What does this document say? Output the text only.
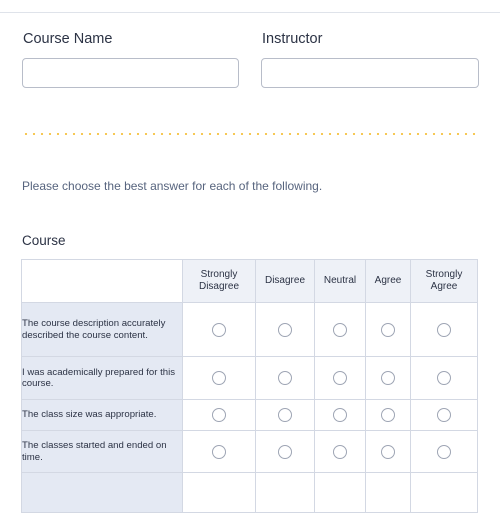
Course Name	Instructor
Please choose the best answer for each of the following.
Course
	Strongly Disagree	Disagree	Neutral	Agree	Strongly Agree
The course description accurately described the course content.					
I was academically prepared for this course.					
The class size was appropriate.					
The classes started and ended on time.					
